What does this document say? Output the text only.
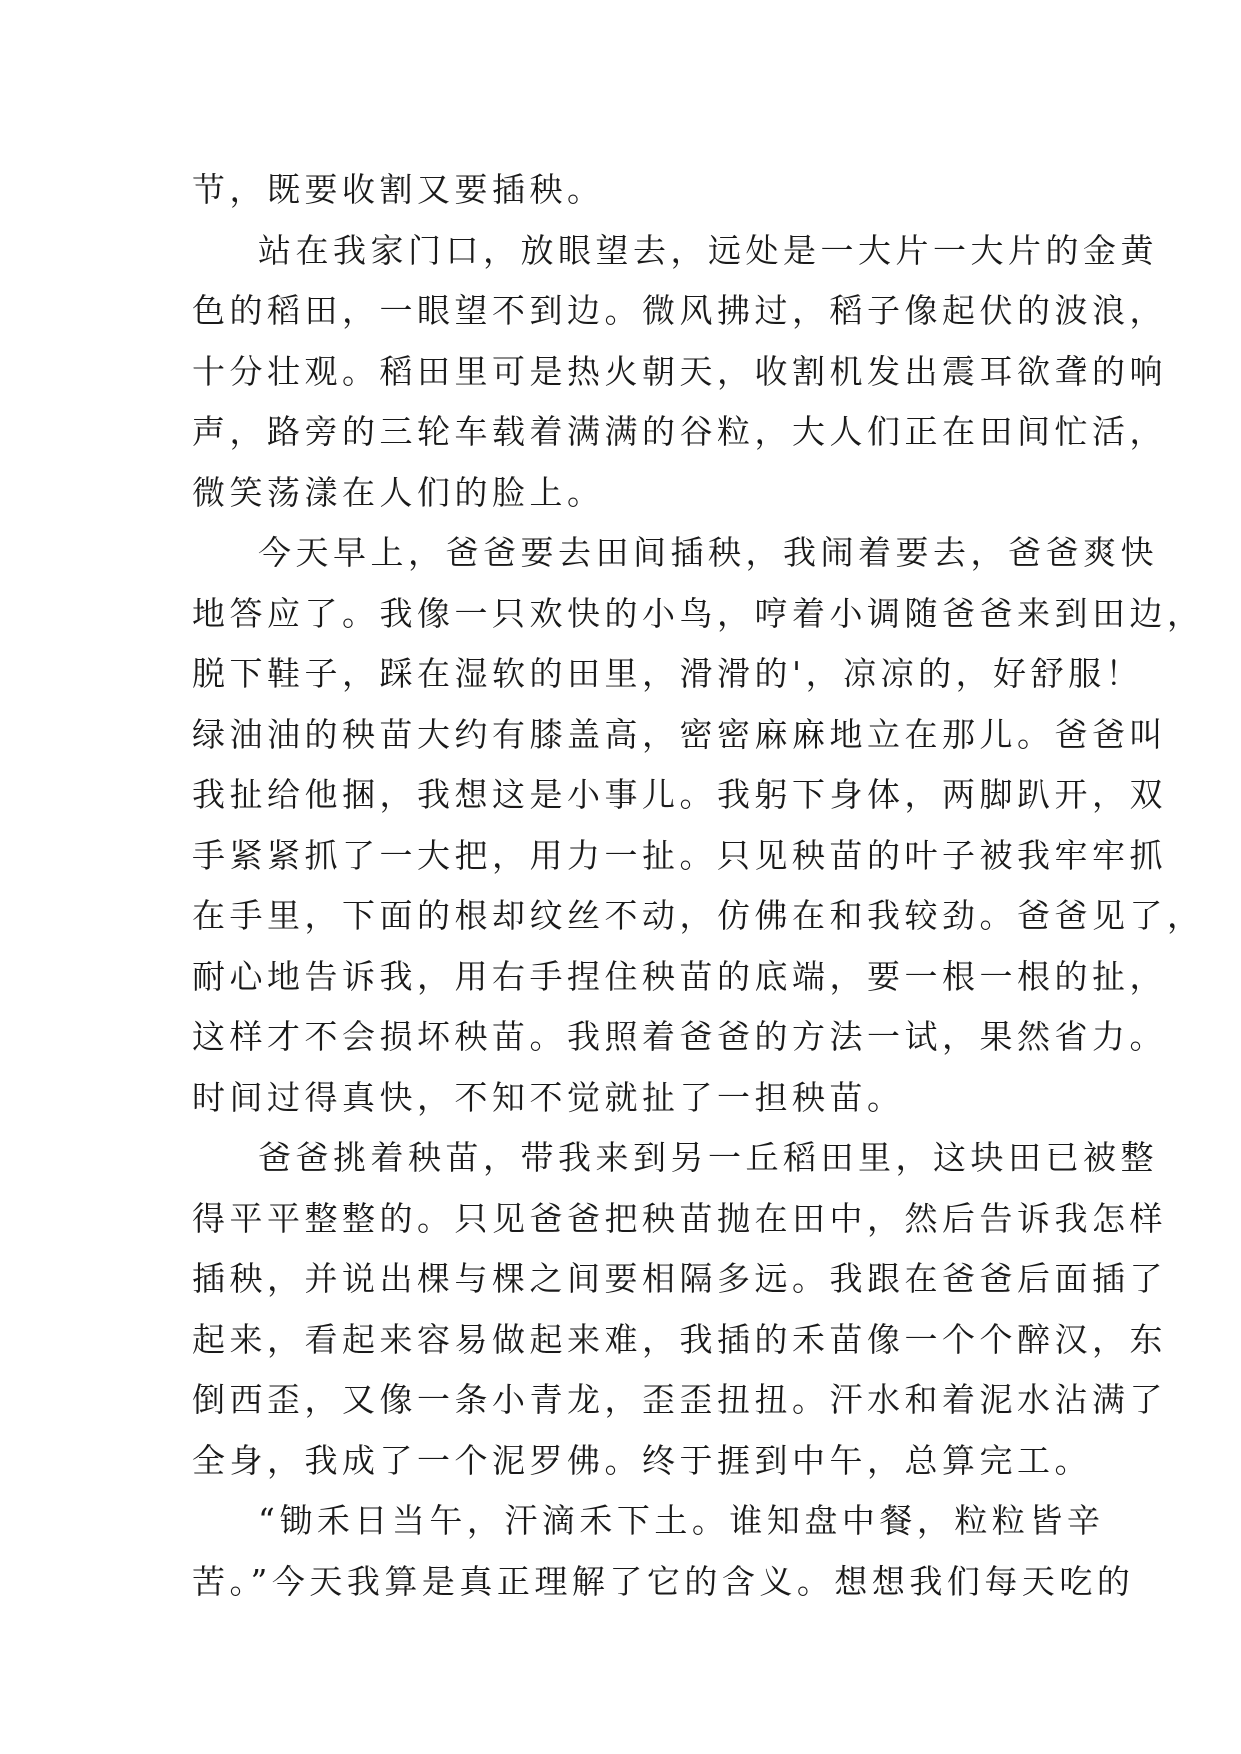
节，既要收割又要插秧。
站在我家门口，放眼望去，远处是一大片一大片的金黄
色的稻田，一眼望不到边。微风拂过，稻子像起伏的波浪，
十分壮观。稻田里可是热火朝天，收割机发出震耳欲聋的响
声，路旁的三轮车载着满满的谷粒，大人们正在田间忙活，
微笑荡漾在人们的脸上。
今天早上，爸爸要去田间插秧，我闹着要去，爸爸爽快
地答应了。我像一只欢快的小鸟，哼着小调随爸爸来到田边，
脱下鞋子，踩在湿软的田里，滑滑的'，凉凉的，好舒服！
绿油油的秧苗大约有膝盖高，密密麻麻地立在那儿。爸爸叫
我扯给他捆，我想这是小事儿。我躬下身体，两脚趴开，双
手紧紧抓了一大把，用力一扯。只见秧苗的叶子被我牢牢抓
在手里，下面的根却纹丝不动，仿佛在和我较劲。爸爸见了，
耐心地告诉我，用右手捏住秧苗的底端，要一根一根的扯，
这样才不会损坏秧苗。我照着爸爸的方法一试，果然省力。
时间过得真快，不知不觉就扯了一担秧苗。
爸爸挑着秧苗，带我来到另一丘稻田里，这块田已被整
得平平整整的。只见爸爸把秧苗抛在田中，然后告诉我怎样
插秧，并说出棵与棵之间要相隔多远。我跟在爸爸后面插了
起来，看起来容易做起来难，我插的禾苗像一个个醉汉，东
倒西歪，又像一条小青龙，歪歪扭扭。汗水和着泥水沾满了
全身，我成了一个泥罗佛。终于捱到中午，总算完工。
“锄禾日当午，汗滴禾下土。谁知盘中餐，粒粒皆辛
苦。”今天我算是真正理解了它的含义。想想我们每天吃的
